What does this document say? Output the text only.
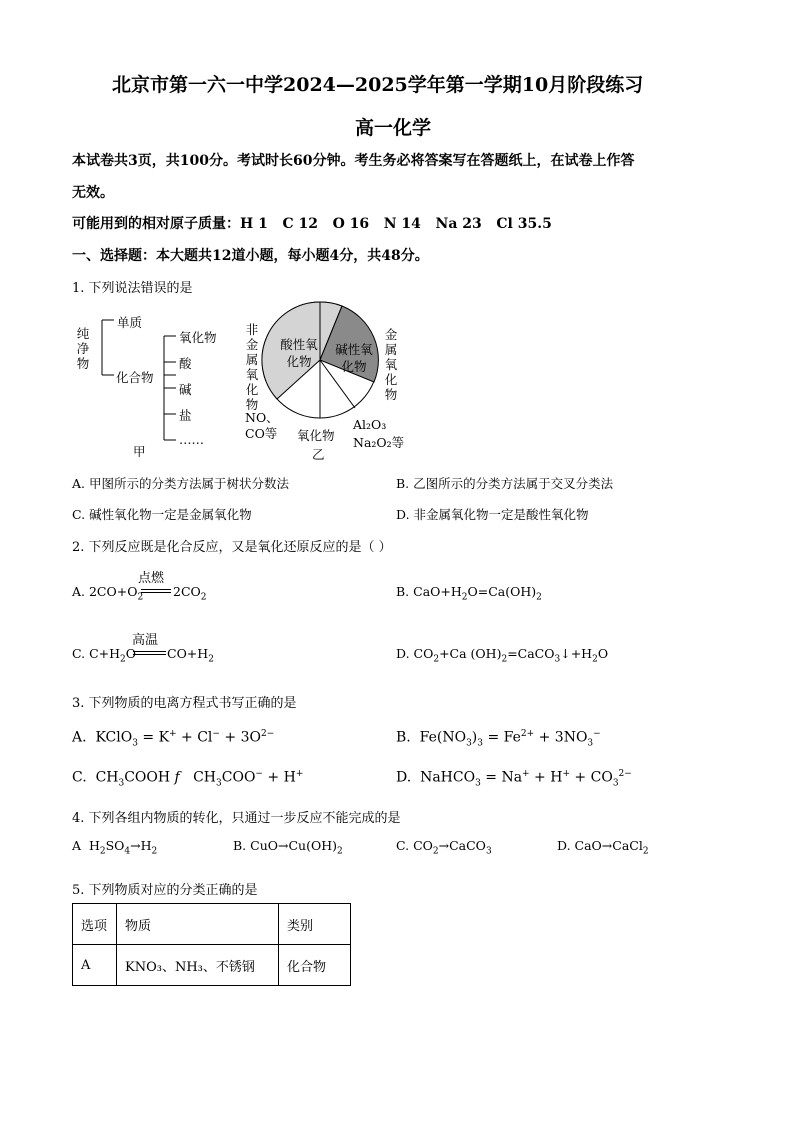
北京市第一六一中学2024—2025学年第一学期10月阶段练习
高一化学
本试卷共3页，共100分。考试时长60分钟。考生务必将答案写在答题纸上，在试卷上作答
无效。
可能用到的相对原子质量：H 1   C 12   O 16   N 14   Na 23   Cl 35.5
一、选择题：本大题共12道小题，每小题4分，共48分。
1. 下列说法错误的是
纯净物
单质
化合物
氧化物
酸
碱
盐
……
甲
非金属氧化物
金属氧化物
酸性氧化物
碱性氧化物
NO、CO等 氧化物
乙
Al₂O₃
Na₂O₂等
A. 甲图所示的分类方法属于树状分数法	B. 乙图所示的分类方法属于交叉分类法
C. 碱性氧化物一定是金属氧化物	D. 非金属氧化物一定是酸性氧化物
2. 下列反应既是化合反应，又是氧化还原反应的是（ ）
A. $2CO+O_2$
点燃
$2CO_2$	B. $CaO+H_2O=Ca(OH)_2$
C. $C+H_2O$
高温
$CO+H_2$	D. $CO_2+Ca$ $(OH)_2=CaCO_3↓+H_2O$
3. 下列物质的电离方程式书写正确的是
A.  KClO$_3$ = $K^+ + Cl^- + 3O^{2-}$	B.  $Fe(NO_3)_3 = Fe^{2+} + 3NO_3^-$
C.  $CH_3COOH$ f   $CH_3COO^- + H^+$	D.  NaHCO$_3$ = $Na^+ + H^+ + CO_3^{2-}$
4. 下列各组内物质的转化，只通过一步反应不能完成的是
A  $H_2SO_4\to H_2$	B. $CuO\to Cu(OH)_2$	C. $CO_2\to CaCO_3$	D. CaO→CaCl$_2$
5. 下列物质对应的分类正确的是
选项	物质	类别
A	KNO₃、NH₃、不锈钢	化合物
